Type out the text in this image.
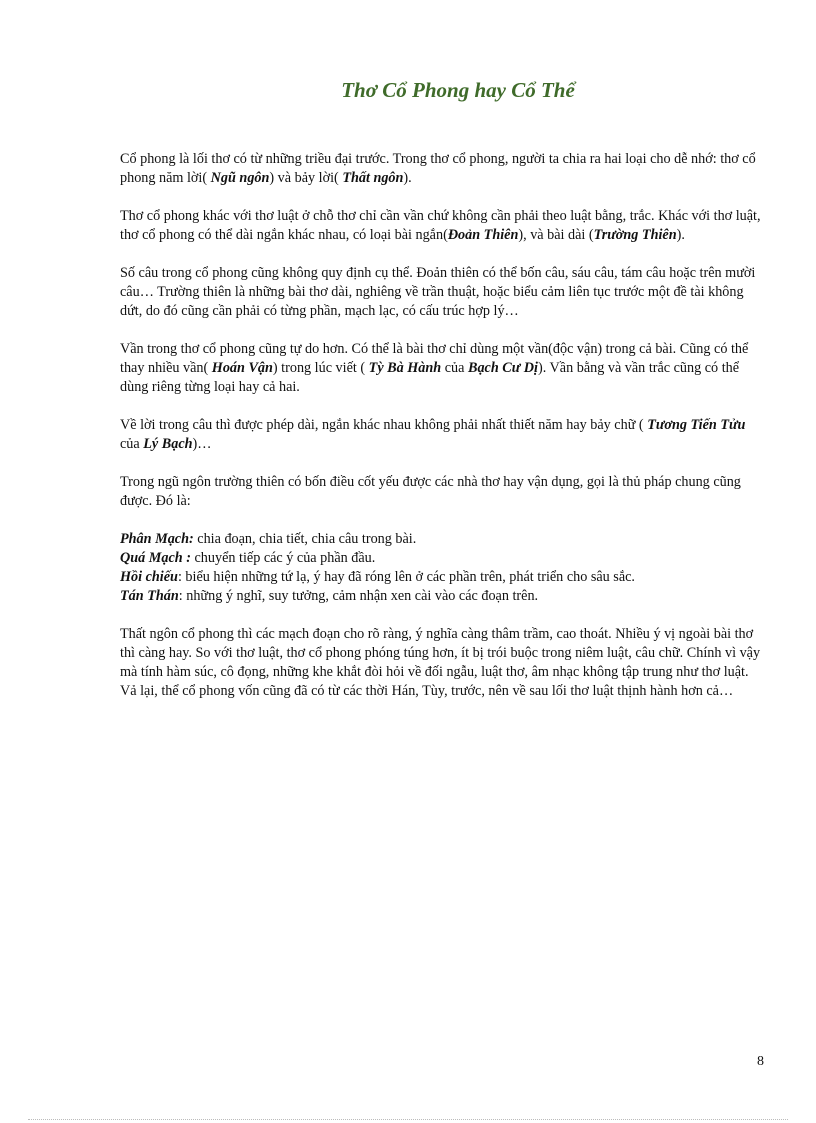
Thơ Cổ Phong hay Cổ Thể

Cổ phong là lối thơ có từ những triều đại trước. Trong thơ cổ phong, người ta chia ra hai loại cho dễ nhớ: thơ cổ phong năm lời( Ngũ ngôn) và bảy lời( Thất ngôn).

Thơ cổ phong khác với thơ luật ở chỗ thơ chỉ cần vần chứ không cần phải theo luật bằng, trắc. Khác với thơ luật, thơ cổ phong có thể dài ngắn khác nhau, có loại bài ngắn(Đoản Thiên), và bài dài (Trường Thiên).

Số câu trong cổ phong cũng không quy định cụ thể. Đoản thiên có thể bốn câu, sáu câu, tám câu hoặc trên mười câu… Trường thiên là những bài thơ dài, nghiêng về trần thuật, hoặc biểu cảm liên tục trước một đề tài không dứt, do đó cũng cần phải có từng phần, mạch lạc, có cấu trúc hợp lý…

Vần trong thơ cổ phong cũng tự do hơn. Có thể là bài thơ chỉ dùng một vần(độc vận) trong cả bài. Cũng có thể thay nhiều vần( Hoán Vận) trong lúc viết ( Tỳ Bà Hành của Bạch Cư Dị). Vần bằng và vần trắc cũng có thể dùng riêng từng loại hay cả hai.

Về lời trong câu thì được phép dài, ngắn khác nhau không phải nhất thiết năm hay bảy chữ ( Tương Tiến Tửu của Lý Bạch)…

Trong ngũ ngôn trường thiên có bốn điều cốt yếu được các nhà thơ hay vận dụng, gọi là thủ pháp chung cũng được. Đó là:

Phân Mạch: chia đoạn, chia tiết, chia câu trong bài.

Quá Mạch : chuyển tiếp các ý của phần đầu.

Hồi chiếu: biểu hiện những tứ lạ, ý hay đã róng lên ở các phần trên, phát triển cho sâu sắc.

Tán Thán: những ý nghĩ, suy tưởng, cảm nhận xen cài vào các đoạn trên.

Thất ngôn cổ phong thì các mạch đoạn cho rõ ràng, ý nghĩa càng thâm trầm, cao thoát. Nhiều ý vị ngoài bài thơ thì càng hay. So với thơ luật, thơ cổ phong phóng túng hơn, ít bị trói buộc trong niêm luật, câu chữ. Chính vì vậy mà tính hàm súc, cô đọng, những khe khắt đòi hỏi về đối ngẫu, luật thơ, âm nhạc không tập trung như thơ luật. Vả lại, thể cổ phong vốn cũng đã có từ các thời Hán, Tùy, trước, nên về sau lối thơ luật thịnh hành hơn cả…

8
